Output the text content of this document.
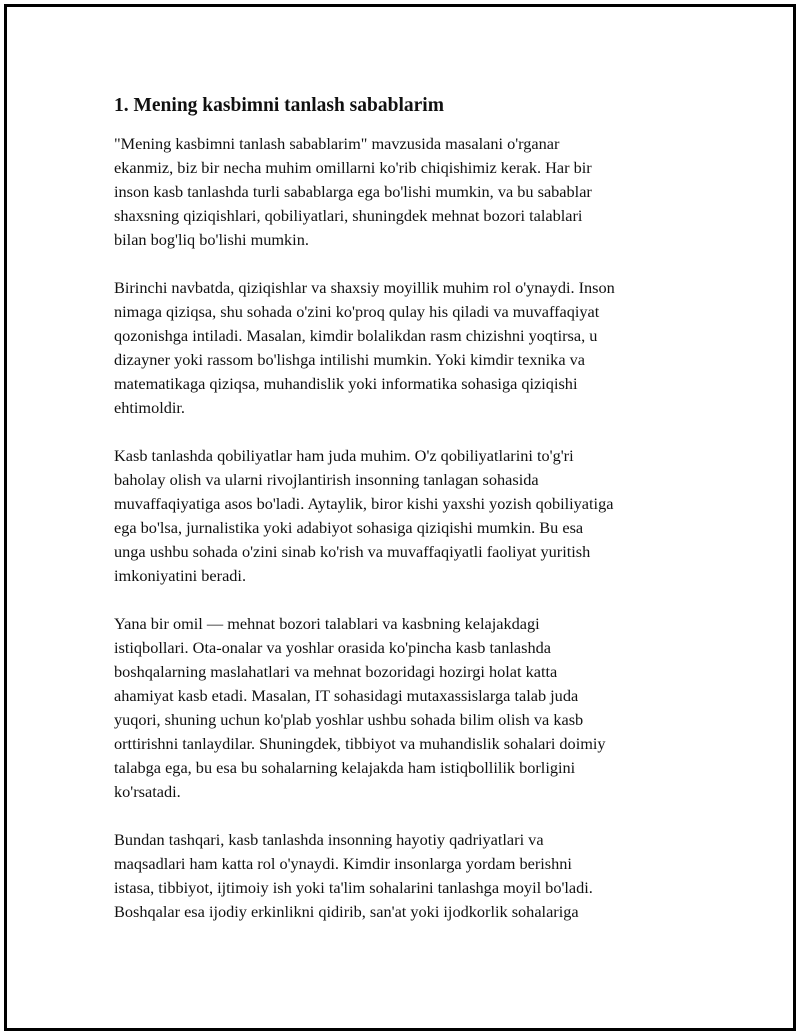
1. Mening kasbimni tanlash sabablarim
"Mening kasbimni tanlash sabablarim" mavzusida masalani o'rganar
ekanmiz, biz bir necha muhim omillarni ko'rib chiqishimiz kerak. Har bir
inson kasb tanlashda turli sabablarga ega bo'lishi mumkin, va bu sabablar
shaxsning qiziqishlari, qobiliyatlari, shuningdek mehnat bozori talablari
bilan bog'liq bo'lishi mumkin.
Birinchi navbatda, qiziqishlar va shaxsiy moyillik muhim rol o'ynaydi. Inson
nimaga qiziqsa, shu sohada o'zini ko'proq qulay his qiladi va muvaffaqiyat
qozonishga intiladi. Masalan, kimdir bolalikdan rasm chizishni yoqtirsa, u
dizayner yoki rassom bo'lishga intilishi mumkin. Yoki kimdir texnika va
matematikaga qiziqsa, muhandislik yoki informatika sohasiga qiziqishi
ehtimoldir.
Kasb tanlashda qobiliyatlar ham juda muhim. O'z qobiliyatlarini to'g'ri
baholay olish va ularni rivojlantirish insonning tanlagan sohasida
muvaffaqiyatiga asos bo'ladi. Aytaylik, biror kishi yaxshi yozish qobiliyatiga
ega bo'lsa, jurnalistika yoki adabiyot sohasiga qiziqishi mumkin. Bu esa
unga ushbu sohada o'zini sinab ko'rish va muvaffaqiyatli faoliyat yuritish
imkoniyatini beradi.
Yana bir omil — mehnat bozori talablari va kasbning kelajakdagi
istiqbollari. Ota-onalar va yoshlar orasida ko'pincha kasb tanlashda
boshqalarning maslahatlari va mehnat bozoridagi hozirgi holat katta
ahamiyat kasb etadi. Masalan, IT sohasidagi mutaxassislarga talab juda
yuqori, shuning uchun ko'plab yoshlar ushbu sohada bilim olish va kasb
orttirishni tanlaydilar. Shuningdek, tibbiyot va muhandislik sohalari doimiy
talabga ega, bu esa bu sohalarning kelajakda ham istiqbollilik borligini
ko'rsatadi.
Bundan tashqari, kasb tanlashda insonning hayotiy qadriyatlari va
maqsadlari ham katta rol o'ynaydi. Kimdir insonlarga yordam berishni
istasa, tibbiyot, ijtimoiy ish yoki ta'lim sohalarini tanlashga moyil bo'ladi.
Boshqalar esa ijodiy erkinlikni qidirib, san'at yoki ijodkorlik sohalariga
